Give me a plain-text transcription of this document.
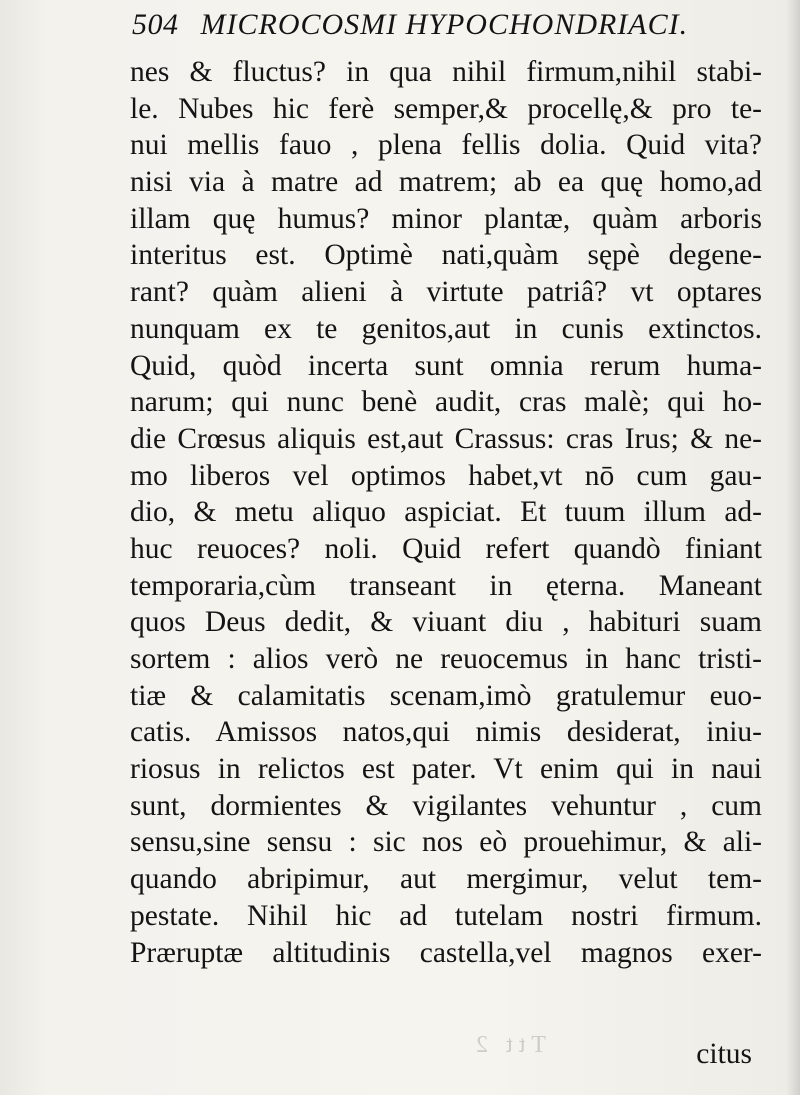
504 MICROCOSMI HYPOCHONDRIACI.
nes & fluctus? in qua nihil firmum,nihil stabi-
le. Nubes hic ferè semper,& procellę,& pro te-
nui mellis fauo , plena fellis dolia. Quid vita?
nisi via à matre ad matrem; ab ea quę homo,ad
illam quę humus? minor plantæ, quàm arboris
interitus est. Optimè nati,quàm sępè degene-
rant? quàm alieni à virtute patriâ? vt optares
nunquam ex te genitos,aut in cunis extinctos.
Quid, quòd incerta sunt omnia rerum huma-
narum; qui nunc benè audit, cras malè; qui ho-
die Crœsus aliquis est,aut Crassus: cras Irus; & ne-
mo liberos vel optimos habet,vt nō cum gau-
dio, & metu aliquo aspiciat. Et tuum illum ad-
huc reuoces? noli. Quid refert quandò finiant
temporaria,cùm transeant in ęterna. Maneant
quos Deus dedit, & viuant diu , habituri suam
sortem : alios verò ne reuocemus in hanc tristi-
tiæ & calamitatis scenam,imò gratulemur euo-
catis. Amissos natos,qui nimis desiderat, iniu-
riosus in relictos est pater. Vt enim qui in naui
sunt, dormientes & vigilantes vehuntur , cum
sensu,sine sensu : sic nos eò prouehimur, & ali-
quando abripimur, aut mergimur, velut tem-
pestate. Nihil hic ad tutelam nostri firmum.
Præruptæ altitudinis castella,vel magnos exer-
Ttt 2	citus
